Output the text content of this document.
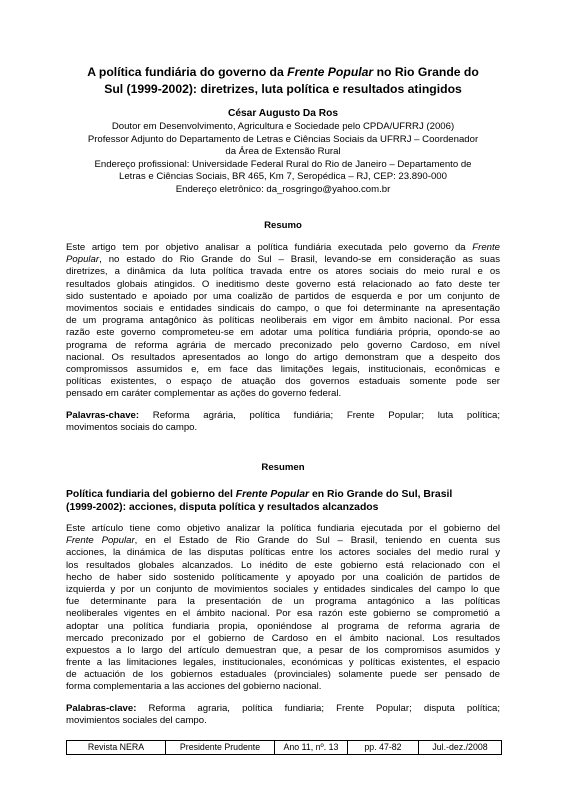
A política fundiária do governo da Frente Popular no Rio Grande do
Sul (1999-2002): diretrizes, luta política e resultados atingidos
César Augusto Da Ros
Doutor em Desenvolvimento, Agricultura e Sociedade pelo CPDA/UFRRJ (2006)
Professor Adjunto do Departamento de Letras e Ciências Sociais da UFRRJ – Coordenador
da Área de Extensão Rural
Endereço profissional: Universidade Federal Rural do Rio de Janeiro – Departamento de
Letras e Ciências Sociais, BR 465, Km 7, Seropédica – RJ, CEP: 23.890-000
Endereço eletrônico: da_rosgringo@yahoo.com.br
Resumo
Este artigo tem por objetivo analisar a política fundiária executada pelo governo da Frente
Popular, no estado do Rio Grande do Sul – Brasil, levando-se em consideração as suas
diretrizes, a dinâmica da luta política travada entre os atores sociais do meio rural e os
resultados globais atingidos. O ineditismo deste governo está relacionado ao fato deste ter
sido sustentado e apoiado por uma coalizão de partidos de esquerda e por um conjunto de
movimentos sociais e entidades sindicais do campo, o que foi determinante na apresentação
de um programa antagônico às políticas neoliberais em vigor em âmbito nacional. Por essa
razão este governo comprometeu-se em adotar uma política fundiária própria, opondo-se ao
programa de reforma agrária de mercado preconizado pelo governo Cardoso, em nível
nacional. Os resultados apresentados ao longo do artigo demonstram que a despeito dos
compromissos assumidos e, em face das limitações legais, institucionais, econômicas e
políticas existentes, o espaço de atuação dos governos estaduais somente pode ser
pensado em caráter complementar as ações do governo federal.
Palavras-chave: Reforma agrária, política fundiária; Frente Popular; luta política;
movimentos sociais do campo.
Resumen
Política fundiaria del gobierno del Frente Popular en Rio Grande do Sul, Brasil
(1999-2002): acciones, disputa política y resultados alcanzados
Este artículo tiene como objetivo analizar la política fundiaria ejecutada por el gobierno del
Frente Popular, en el Estado de Rio Grande do Sul – Brasil, teniendo en cuenta sus
acciones, la dinámica de las disputas políticas entre los actores sociales del medio rural y
los resultados globales alcanzados. Lo inédito de este gobierno está relacionado con el
hecho de haber sido sostenido políticamente y apoyado por una coalición de partidos de
izquierda y por un conjunto de movimientos sociales y entidades sindicales del campo lo que
fue determinante para la presentación de un programa antagónico a las políticas
neoliberales vigentes en el ámbito nacional. Por esa razón este gobierno se comprometió a
adoptar una política fundiaria propia, oponiéndose al programa de reforma agraria de
mercado preconizado por el gobierno de Cardoso en el ámbito nacional. Los resultados
expuestos a lo largo del artículo demuestran que, a pesar de los compromisos asumidos y
frente a las limitaciones legales, institucionales, económicas y políticas existentes, el espacio
de actuación de los gobiernos estaduales (provinciales) solamente puede ser pensado de
forma complementaria a las acciones del gobierno nacional.
Palabras-clave: Reforma agraria, política fundiaria; Frente Popular; disputa política;
movimientos sociales del campo.
Revista NERA	Presidente Prudente	Ano 11, nº. 13	pp. 47-82	Jul.-dez./2008
